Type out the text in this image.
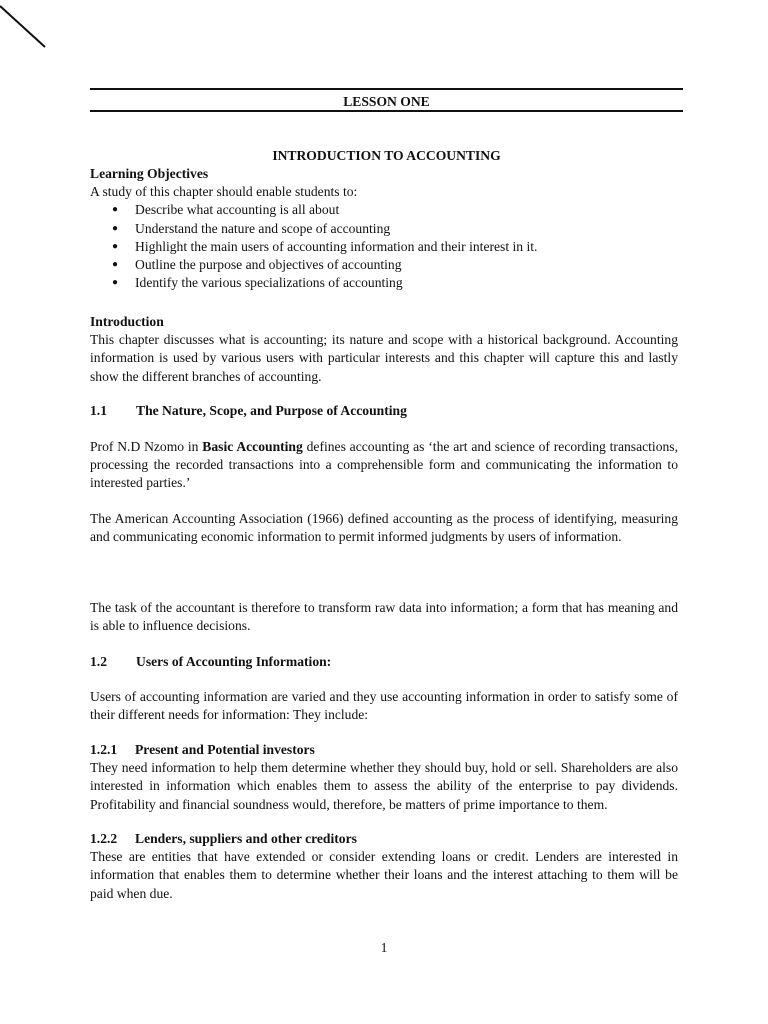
LESSON ONE
INTRODUCTION TO ACCOUNTING
Learning Objectives
A study of this chapter should enable students to:
● Describe what accounting is all about
● Understand the nature and scope of accounting
● Highlight the main users of accounting information and their interest in it.
● Outline the purpose and objectives of accounting
● Identify the various specializations of accounting
Introduction
This chapter discusses what is accounting; its nature and scope with a historical background. Accounting information is used by various users with particular interests and this chapter will capture this and lastly show the different branches of accounting.
1.1 The Nature, Scope, and Purpose of Accounting
Prof N.D Nzomo in Basic Accounting defines accounting as ‘the art and science of recording transactions, processing the recorded transactions into a comprehensible form and communicating the information to interested parties.’
The American Accounting Association (1966) defined accounting as the process of identifying, measuring and communicating economic information to permit informed judgments by users of information.
The task of the accountant is therefore to transform raw data into information; a form that has meaning and is able to influence decisions.
1.2 Users of Accounting Information:
Users of accounting information are varied and they use accounting information in order to satisfy some of their different needs for information: They include:
1.2.1 Present and Potential investors
They need information to help them determine whether they should buy, hold or sell. Shareholders are also interested in information which enables them to assess the ability of the enterprise to pay dividends. Profitability and financial soundness would, therefore, be matters of prime importance to them.
1.2.2 Lenders, suppliers and other creditors
These are entities that have extended or consider extending loans or credit. Lenders are interested in information that enables them to determine whether their loans and the interest attaching to them will be paid when due.
1
